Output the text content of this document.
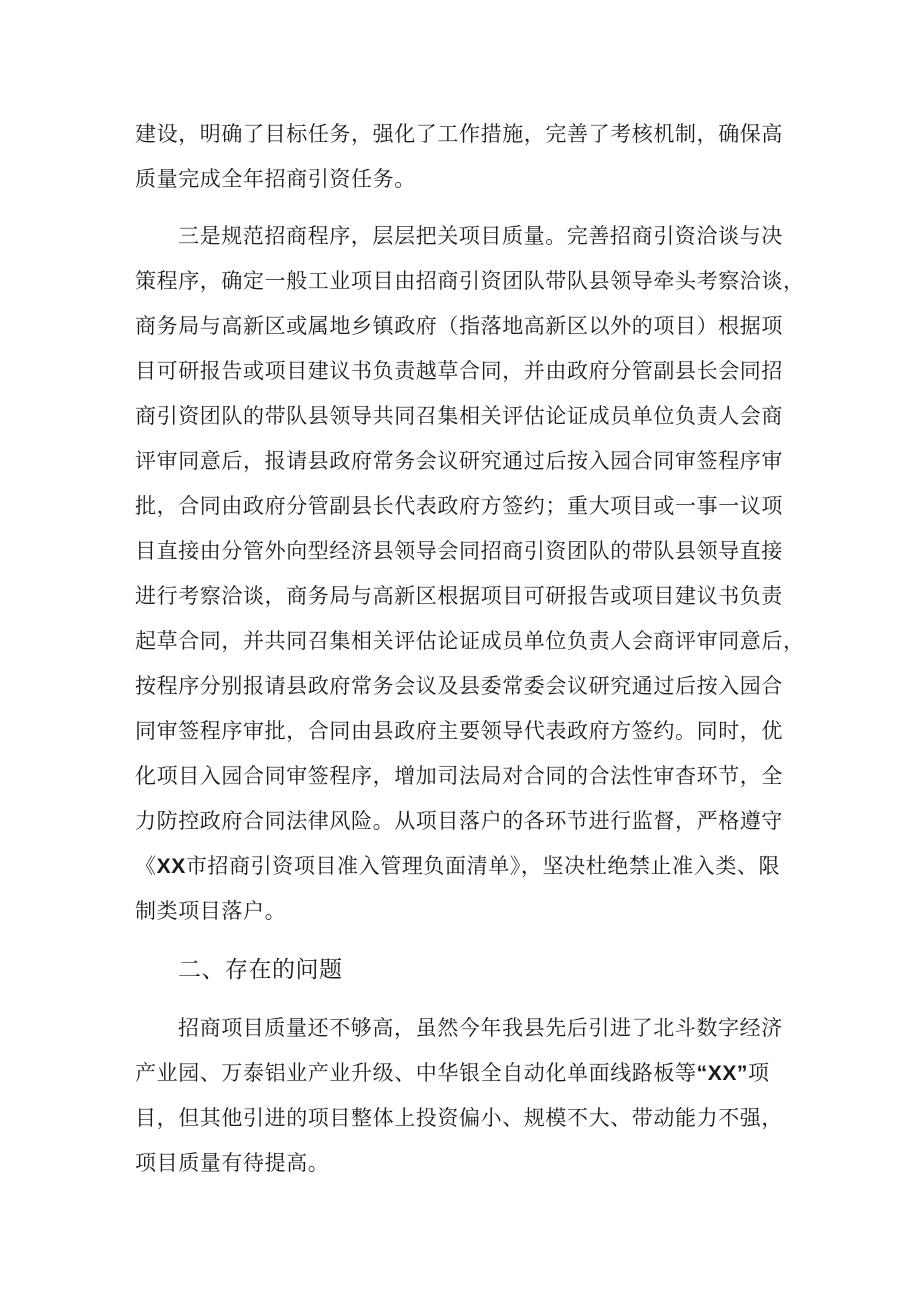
建设，明确了目标任务，强化了工作措施，完善了考核机制，确保高
质量完成全年招商引资任务。
三是规范招商程序，层层把关项目质量。完善招商引资洽谈与决
策程序，确定一般工业项目由招商引资团队带队县领导牵头考察洽谈，
商务局与高新区或属地乡镇政府（指落地高新区以外的项目）根据项
目可研报告或项目建议书负责越草合同，并由政府分管副县长会同招
商引资团队的带队县领导共同召集相关评估论证成员单位负责人会商
评审同意后，报请县政府常务会议研究通过后按入园合同审签程序审
批，合同由政府分管副县长代表政府方签约；重大项目或一事一议项
目直接由分管外向型经济县领导会同招商引资团队的带队县领导直接
进行考察洽谈，商务局与高新区根据项目可研报告或项目建议书负责
起草合同，并共同召集相关评估论证成员单位负责人会商评审同意后，
按程序分别报请县政府常务会议及县委常委会议研究通过后按入园合
同审签程序审批，合同由县政府主要领导代表政府方签约。同时，优
化项目入园合同审签程序，增加司法局对合同的合法性审杳环节，全
力防控政府合同法律风险。从项目落户的各环节进行监督，严格遵守
《XX市招商引资项目准入管理负面清单》，坚决杜绝禁止准入类、限
制类项目落户。
二、存在的问题
招商项目质量还不够高，虽然今年我县先后引进了北斗数字经济
产业园、万泰铝业产业升级、中华银全自动化单面线路板等“XX”项
目，但其他引进的项目整体上投资偏小、规模不大、带动能力不强，
项目质量有待提高。
